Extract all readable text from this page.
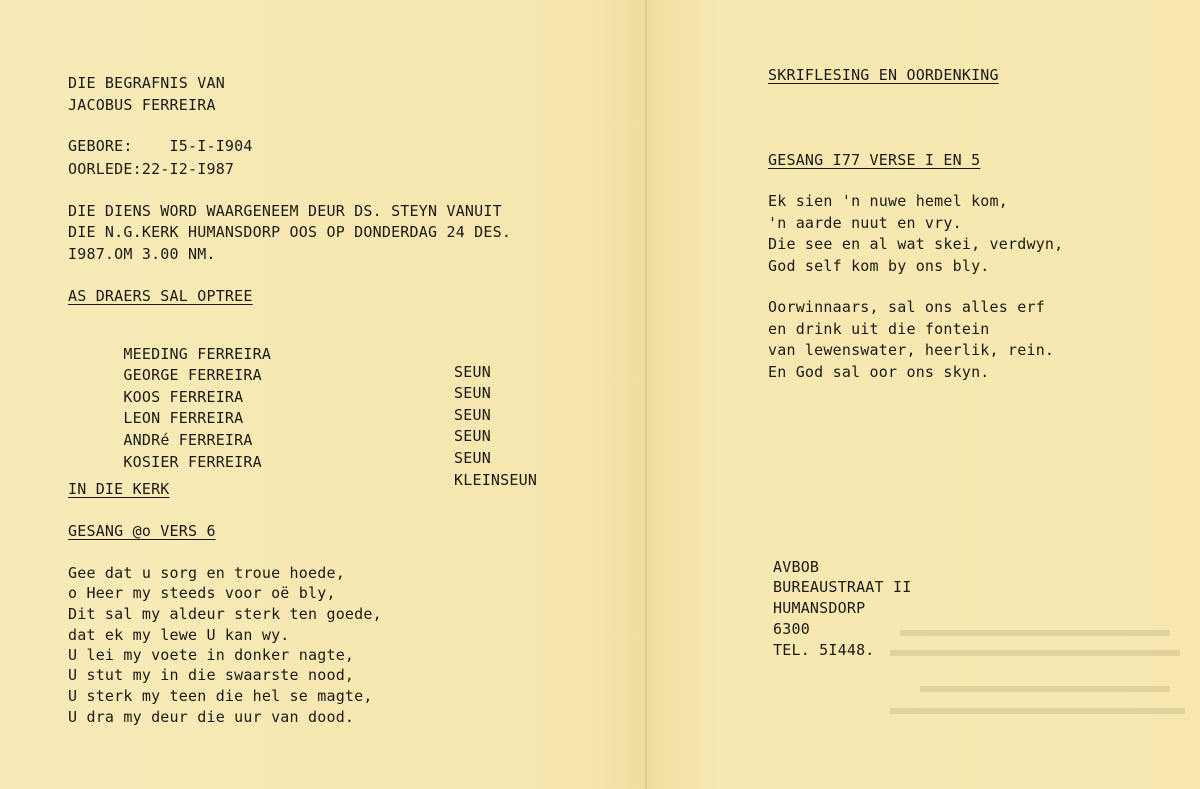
DIE BEGRAFNIS VAN
JACOBUS FERREIRA
GEBORE:    I5-I-I904
OORLEDE:22-I2-I987
DIE DIENS WORD WAARGENEEM DEUR DS. STEYN VANUIT
DIE N.G.KERK HUMANSDORP OOS OP DONDERDAG 24 DES.
I987.OM 3.00 NM.
AS DRAERS SAL OPTREE

MEEDING FERREIRA

SEUN

GEORGE FERREIRA

SEUN

KOOS FERREIRA

SEUN

LEON FERREIRA

SEUN

ANDRé FERREIRA

SEUN

KOSIER FERREIRA

KLEINSEUN

IN DIE KERK
GESANG @o VERS 6
Gee dat u sorg en troue hoede,
o Heer my steeds voor oë bly,
Dit sal my aldeur sterk ten goede,
dat ek my lewe U kan wy.
U lei my voete in donker nagte,
U stut my in die swaarste nood,
U sterk my teen die hel se magte,
U dra my deur die uur van dood.
SKRIFLESING EN OORDENKING
GESANG I77 VERSE I EN 5
Ek sien 'n nuwe hemel kom,
'n aarde nuut en vry.
Die see en al wat skei, verdwyn,
God self kom by ons bly.
Oorwinnaars, sal ons alles erf
en drink uit die fontein
van lewenswater, heerlik, rein.
En God sal oor ons skyn.
AVBOB
BUREAUSTRAAT II
HUMANSDORP
6300
TEL. 5I448.
